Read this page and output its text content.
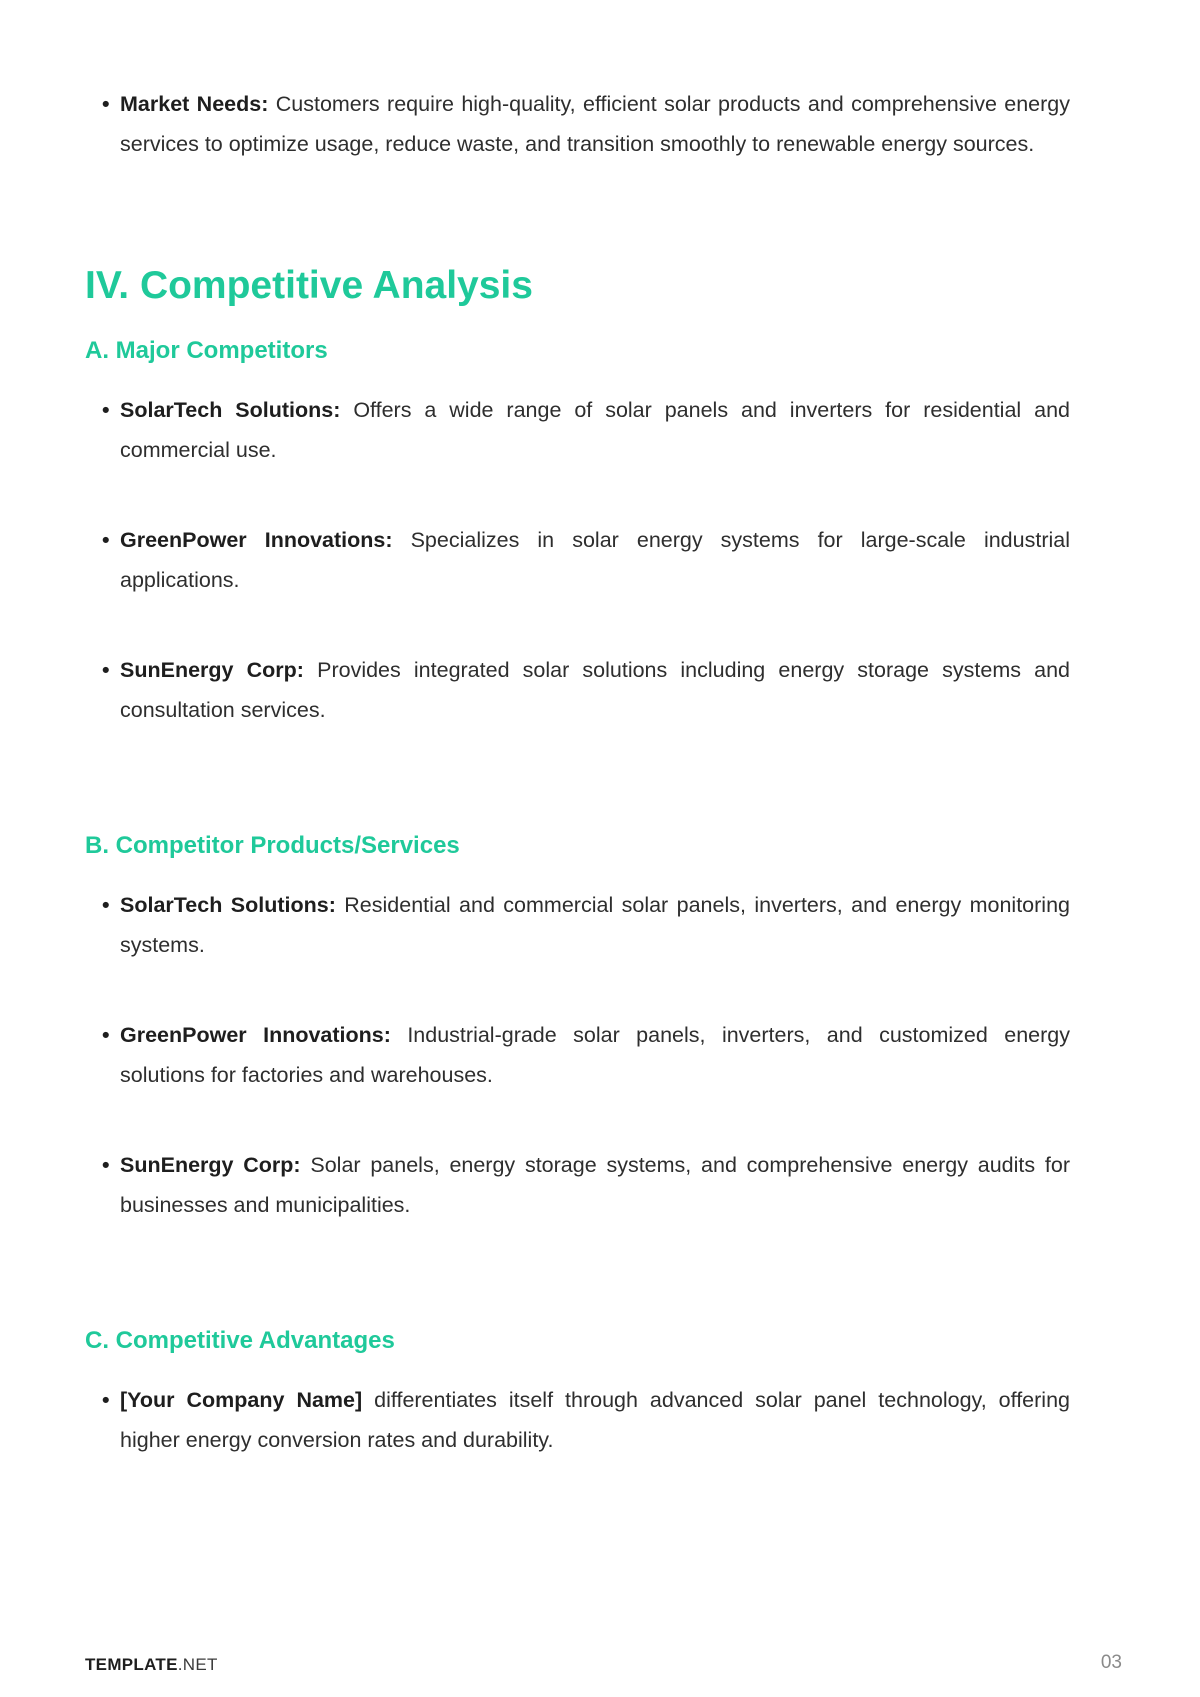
• Market Needs: Customers require high-quality, efficient solar products and comprehensive energy services to optimize usage, reduce waste, and transition smoothly to renewable energy sources.
IV. Competitive Analysis
A. Major Competitors
• SolarTech Solutions: Offers a wide range of solar panels and inverters for residential and commercial use.
• GreenPower Innovations: Specializes in solar energy systems for large-scale industrial applications.
• SunEnergy Corp: Provides integrated solar solutions including energy storage systems and consultation services.
B. Competitor Products/Services
• SolarTech Solutions: Residential and commercial solar panels, inverters, and energy monitoring systems.
• GreenPower Innovations: Industrial-grade solar panels, inverters, and customized energy solutions for factories and warehouses.
• SunEnergy Corp: Solar panels, energy storage systems, and comprehensive energy audits for businesses and municipalities.
C. Competitive Advantages
• [Your Company Name] differentiates itself through advanced solar panel technology, offering higher energy conversion rates and durability.
TEMPLATE.NET	03
